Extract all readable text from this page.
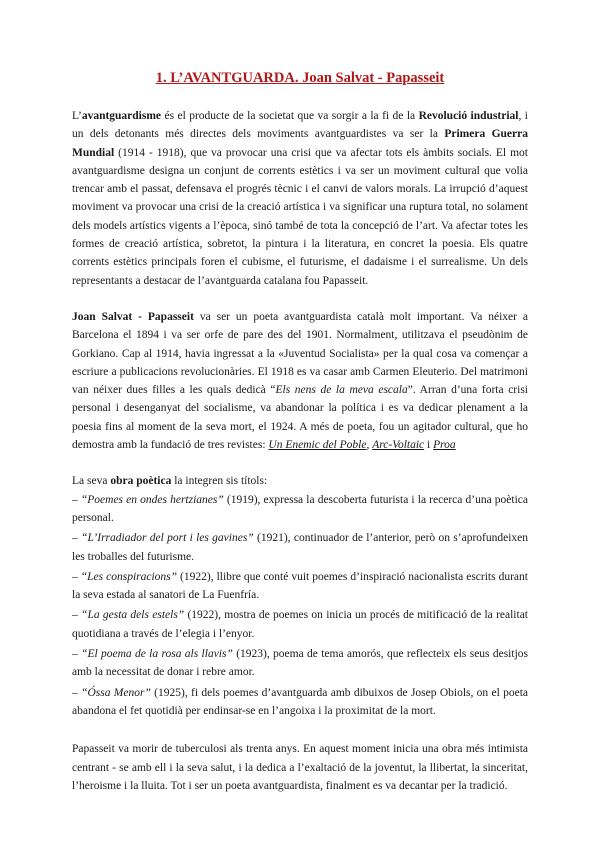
1. L’AVANTGUARDA. Joan Salvat - Papasseit

L’avantguardisme és el producte de la societat que va sorgir a la fi de la Revolució industrial, i un dels detonants més directes dels moviments avantguardistes va ser la Primera Guerra Mundial (1914 - 1918), que va provocar una crisi que va afectar tots els àmbits socials. El mot avantguardisme designa un conjunt de corrents estètics i va ser un moviment cultural que volia trencar amb el passat, defensava el progrés tècnic i el canvi de valors morals. La irrupció d’aquest moviment va provocar una crisi de la creació artística i va significar una ruptura total, no solament dels models artístics vigents a l’època, sinó també de tota la concepció de l’art. Va afectar totes les formes de creació artística, sobretot, la pintura i la literatura, en concret la poesia. Els quatre corrents estètics principals foren el cubisme, el futurisme, el dadaisme i el surrealisme. Un dels representants a destacar de l’avantguarda catalana fou Papasseit.

Joan Salvat - Papasseit va ser un poeta avantguardista català molt important. Va néixer a Barcelona el 1894 i va ser orfe de pare des del 1901. Normalment, utilitzava el pseudònim de Gorkiano. Cap al 1914, havia ingressat a la «Juventud Socialista» per la qual cosa va començar a escriure a publicacions revolucionàries. El 1918 es va casar amb Carmen Eleuterio. Del matrimoni van néixer dues filles a les quals dedicà “Els nens de la meva escala”. Arran d’una forta crisi personal i desenganyat del socialisme, va abandonar la política i es va dedicar plenament a la poesia fins al moment de la seva mort, el 1924. A més de poeta, fou un agitador cultural, que ho demostra amb la fundació de tres revistes: Un Enemic del Poble, Arc-Voltaic i Proa

La seva obra poètica la integren sis títols:

– “Poemes en ondes hertzianes” (1919), expressa la descoberta futurista i la recerca d’una poètica personal.

– “L’Irradiador del port i les gavines” (1921), continuador de l’anterior, però on s’aprofundeixen les troballes del futurisme.

– “Les conspiracions” (1922), llibre que conté vuit poemes d’inspiració nacionalista escrits durant la seva estada al sanatori de La Fuenfría.

– “La gesta dels estels” (1922), mostra de poemes on inicia un procés de mitificació de la realitat quotidiana a través de l’elegia i l’enyor.

– “El poema de la rosa als llavis” (1923), poema de tema amorós, que reflecteix els seus desitjos amb la necessitat de donar i rebre amor.

– “Óssa Menor” (1925), fi dels poemes d’avantguarda amb dibuixos de Josep Obiols, on el poeta abandona el fet quotidià per endinsar-se en l’angoixa i la proximitat de la mort.

Papasseit va morir de tuberculosi als trenta anys. En aquest moment inicia una obra més intimista centrant - se amb ell i la seva salut, i la dedica a l’exaltació de la joventut, la llibertat, la sinceritat, l’heroisme i la lluita. Tot i ser un poeta avantguardista, finalment es va decantar per la tradició.
